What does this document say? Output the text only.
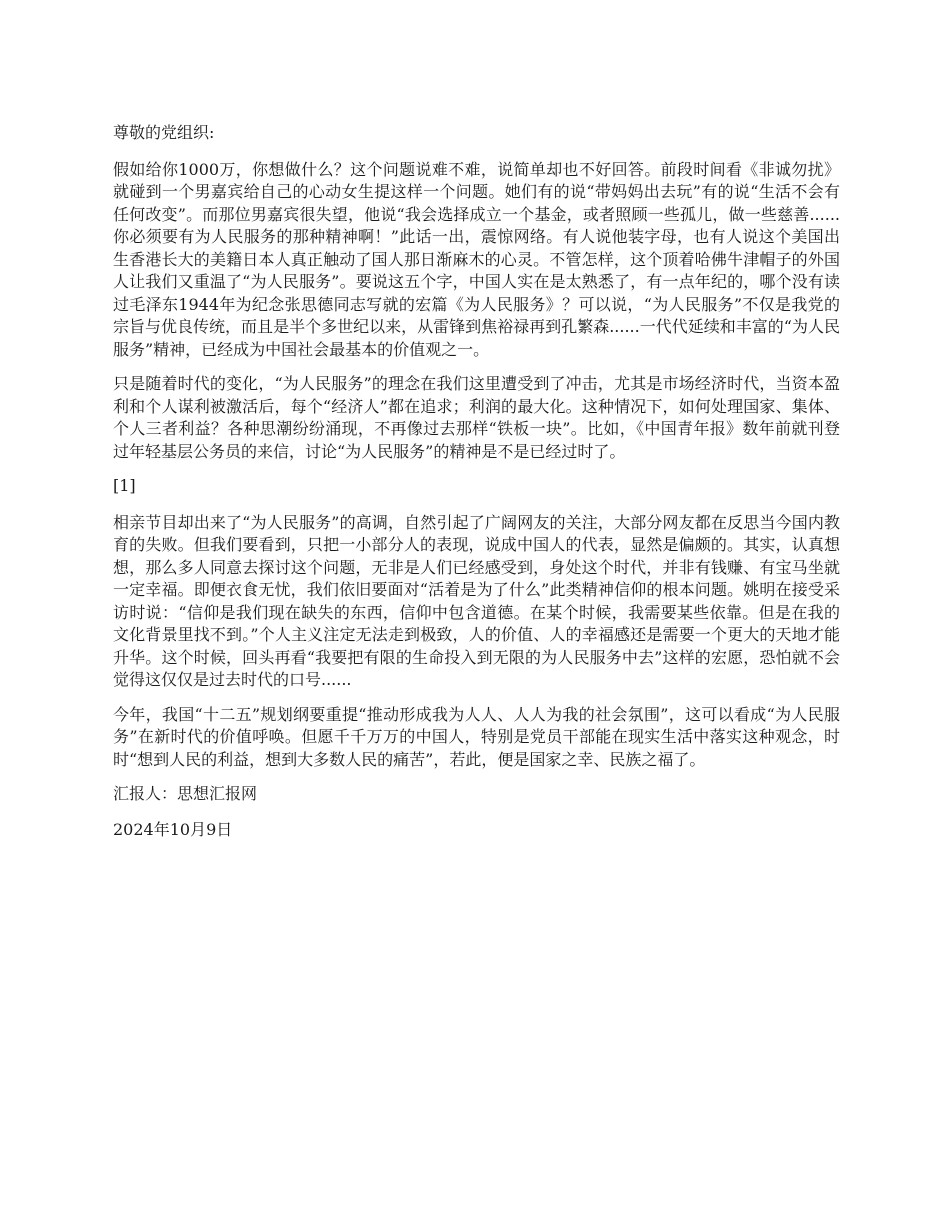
尊敬的党组织:

假如给你1000万，你想做什么？这个问题说难不难，说简单却也不好回答。前段时间看《非诚勿扰》就碰到一个男嘉宾给自己的心动女生提这样一个问题。她们有的说“带妈妈出去玩”有的说“生活不会有任何改变”。而那位男嘉宾很失望，他说“我会选择成立一个基金，或者照顾一些孤儿，做一些慈善......你必须要有为人民服务的那种精神啊！”此话一出，震惊网络。有人说他装字母，也有人说这个美国出生香港长大的美籍日本人真正触动了国人那日渐麻木的心灵。不管怎样，这个顶着哈佛牛津帽子的外国人让我们又重温了“为人民服务”。要说这五个字，中国人实在是太熟悉了，有一点年纪的，哪个没有读过毛泽东1944年为纪念张思德同志写就的宏篇《为人民服务》？可以说，“为人民服务”不仅是我党的宗旨与优良传统，而且是半个多世纪以来，从雷锋到焦裕禄再到孔繁森......一代代延续和丰富的“为人民服务”精神，已经成为中国社会最基本的价值观之一。

只是随着时代的变化，“为人民服务”的理念在我们这里遭受到了冲击，尤其是市场经济时代，当资本盈利和个人谋利被激活后，每个“经济人”都在追求；利润的最大化。这种情况下，如何处理国家、集体、个人三者利益？各种思潮纷纷涌现，不再像过去那样“铁板一块”。比如，《中国青年报》数年前就刊登过年轻基层公务员的来信，讨论“为人民服务”的精神是不是已经过时了。

[1]

相亲节目却出来了“为人民服务”的高调，自然引起了广阔网友的关注，大部分网友都在反思当今国内教育的失败。但我们要看到，只把一小部分人的表现，说成中国人的代表，显然是偏颇的。其实，认真想想，那么多人同意去探讨这个问题，无非是人们已经感受到，身处这个时代，并非有钱赚、有宝马坐就一定幸福。即便衣食无忧，我们依旧要面对“活着是为了什么”此类精神信仰的根本问题。姚明在接受采访时说：“信仰是我们现在缺失的东西，信仰中包含道德。在某个时候，我需要某些依靠。但是在我的文化背景里找不到。”个人主义注定无法走到极致，人的价值、人的幸福感还是需要一个更大的天地才能升华。这个时候，回头再看“我要把有限的生命投入到无限的为人民服务中去”这样的宏愿，恐怕就不会觉得这仅仅是过去时代的口号......

今年，我国“十二五”规划纲要重提“推动形成我为人人、人人为我的社会氛围”，这可以看成“为人民服务”在新时代的价值呼唤。但愿千千万万的中国人，特别是党员干部能在现实生活中落实这种观念，时时“想到人民的利益，想到大多数人民的痛苦”，若此，便是国家之幸、民族之福了。

汇报人：思想汇报网

2024年10月9日
